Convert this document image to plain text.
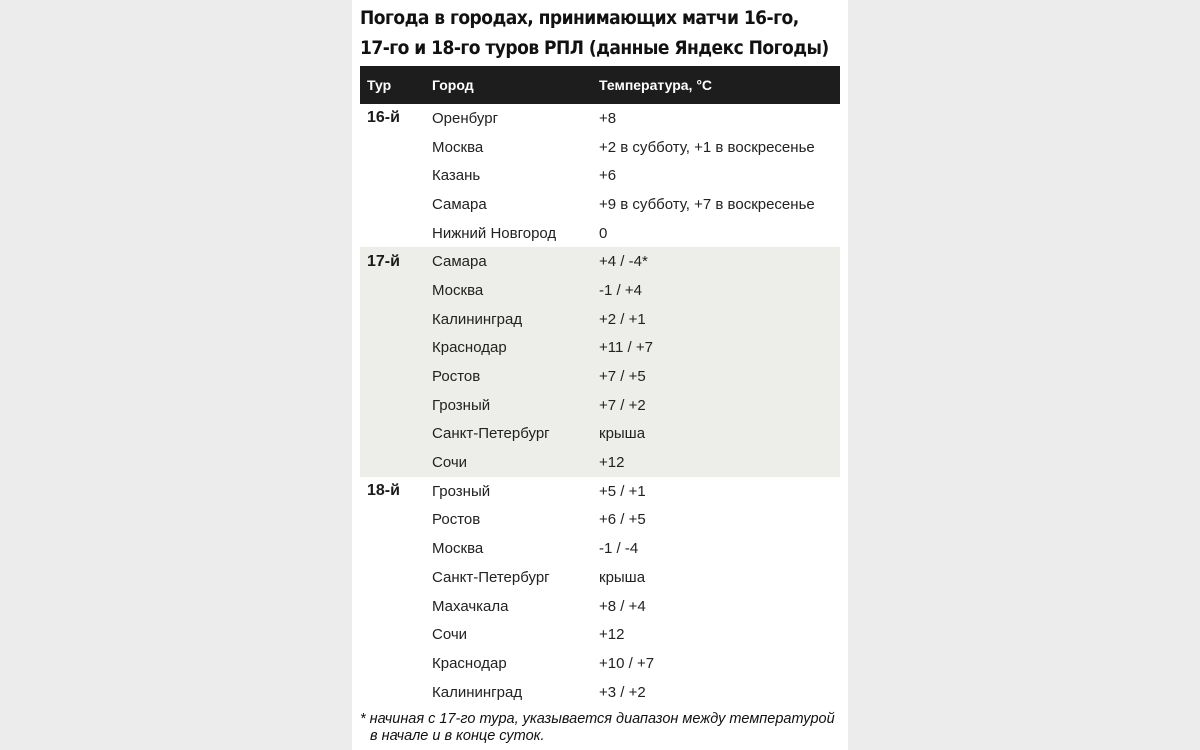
Погода в городах, принимающих матчи 16-го,
17-го и 18-го туров РПЛ (данные Яндекс Погоды)
Тур	Город	Температура, °C
16-й	Оренбург	+8
	Москва	+2 в субботу, +1 в воскресенье
	Казань	+6
	Самара	+9 в субботу, +7 в воскресенье
	Нижний Новгород	0
17-й	Самара	+4 / -4*
	Москва	-1 / +4
	Калининград	+2 / +1
	Краснодар	+11 / +7
	Ростов	+7 / +5
	Грозный	+7 / +2
	Санкт-Петербург	крыша
	Сочи	+12
18-й	Грозный	+5 / +1
	Ростов	+6 / +5
	Москва	-1 / -4
	Санкт-Петербург	крыша
	Махачкала	+8 / +4
	Сочи	+12
	Краснодар	+10 / +7
	Калининград	+3 / +2
* начиная с 17-го тура, указывается диапазон между температурой
в начале и в конце суток.
